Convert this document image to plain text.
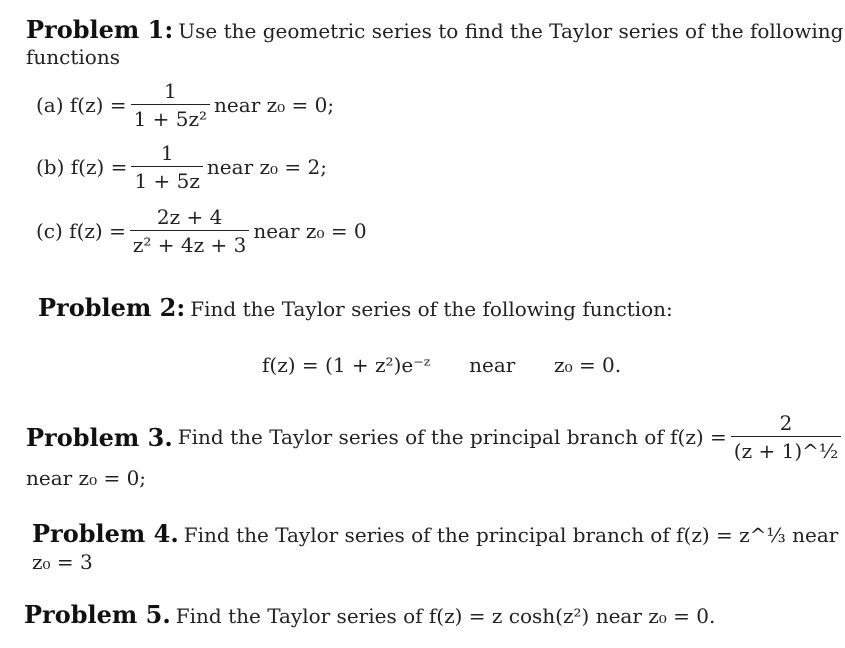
Problem 1: Use the geometric series to find the Taylor series of the following
functions
(a)
$f(z) = \frac{1}{\text{1 + 5z²}}$ near z₀ = 0;
(b)
$f(z) = \frac{1}{1 + 5z}$ near z₀ = 2;
(c)
$f(z) = \frac{2z + 4}{\text{z² + 4z + 3}}$ near z₀ = 0
Problem 2: Find the Taylor series of the following function:
f(z) = (1 + z²)e⁻ᶻ near z₀ = 0.
Problem 3.
Find the Taylor series of the principal branch of $f(z) = \frac{2}{\text{(z + 1)\textasciicircum{}½}}$
near z₀ = 0;
Problem 4. Find the Taylor series of the principal branch of f(z) = z^⅓ near
z₀ = 3
Problem 5. Find the Taylor series of f(z) = z cosh(z²) near z₀ = 0.
